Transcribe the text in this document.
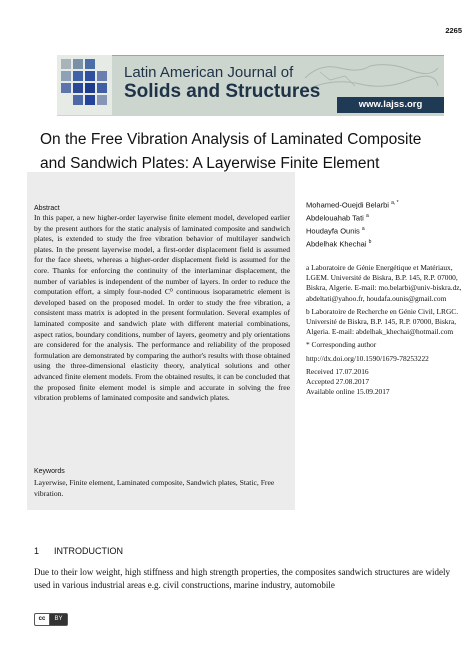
2265
Latin American Journal of
Solids and Structures
www.lajss.org
On the Free Vibration Analysis of Laminated Composite and Sandwich Plates: A Layerwise Finite Element
Abstract

In this paper, a new higher-order layerwise finite element model, developed earlier by the present authors for the static analysis of laminated composite and sandwich plates, is extended to study the free vibration behavior of multilayer sandwich plates. In the present layerwise model, a first-order displacement field is assumed for the face sheets, whereas a higher-order displacement field is assumed for the core. Thanks for enforcing the continuity of the interlaminar displacement, the number of variables is independent of the number of layers. In order to reduce the computation effort, a simply four-noded C⁰ continuous isoparametric element is developed based on the proposed model. In order to study the free vibration, a consistent mass matrix is adopted in the present formulation. Several examples of laminated composite and sandwich plate with different material combinations, aspect ratios, boundary conditions, number of layers, geometry and ply orientations are considered for the analysis. The performance and reliability of the proposed formulation are demonstrated by comparing the author's results with those obtained using the three-dimensional elasticity theory, analytical solutions and other advanced finite element models. From the obtained results, it can be concluded that the proposed finite element model is simple and accurate in solving the free vibration problems of laminated composite and sandwich plates.

Keywords
Layerwise, Finite element, Laminated composite, Sandwich plates, Static, Free vibration.
Mohamed-Ouejdi Belarbi $^{a, *}$
Abdelouahab Tati $^a$
Houdayfa Ounis $^a$
Abdelhak Khechai $^b$

a Laboratoire de Génie Energétique et Matériaux, LGEM. Université de Biskra, B.P. 145, R.P. 07000, Biskra, Algerie. E-mail: mo.belarbi@univ-biskra.dz, abdeltati@yahoo.fr, houdafa.ounis@gmail.com

b Laboratoire de Recherche en Génie Civil, LRGC. Université de Biskra, B.P. 145, R.P. 07000, Biskra, Algeria. E-mail: abdelhak_khechai@hotmail.com

* Corresponding author

http://dx.doi.org/10.1590/1679-78253222

Received 17.07.2016
Accepted 27.08.2017
Available online 15.09.2017
1 INTRODUCTION

Due to their low weight, high stiffness and high strength properties, the composites sandwich structures are widely used in various industrial areas e.g. civil constructions, marine industry, automobile

cc	BY
